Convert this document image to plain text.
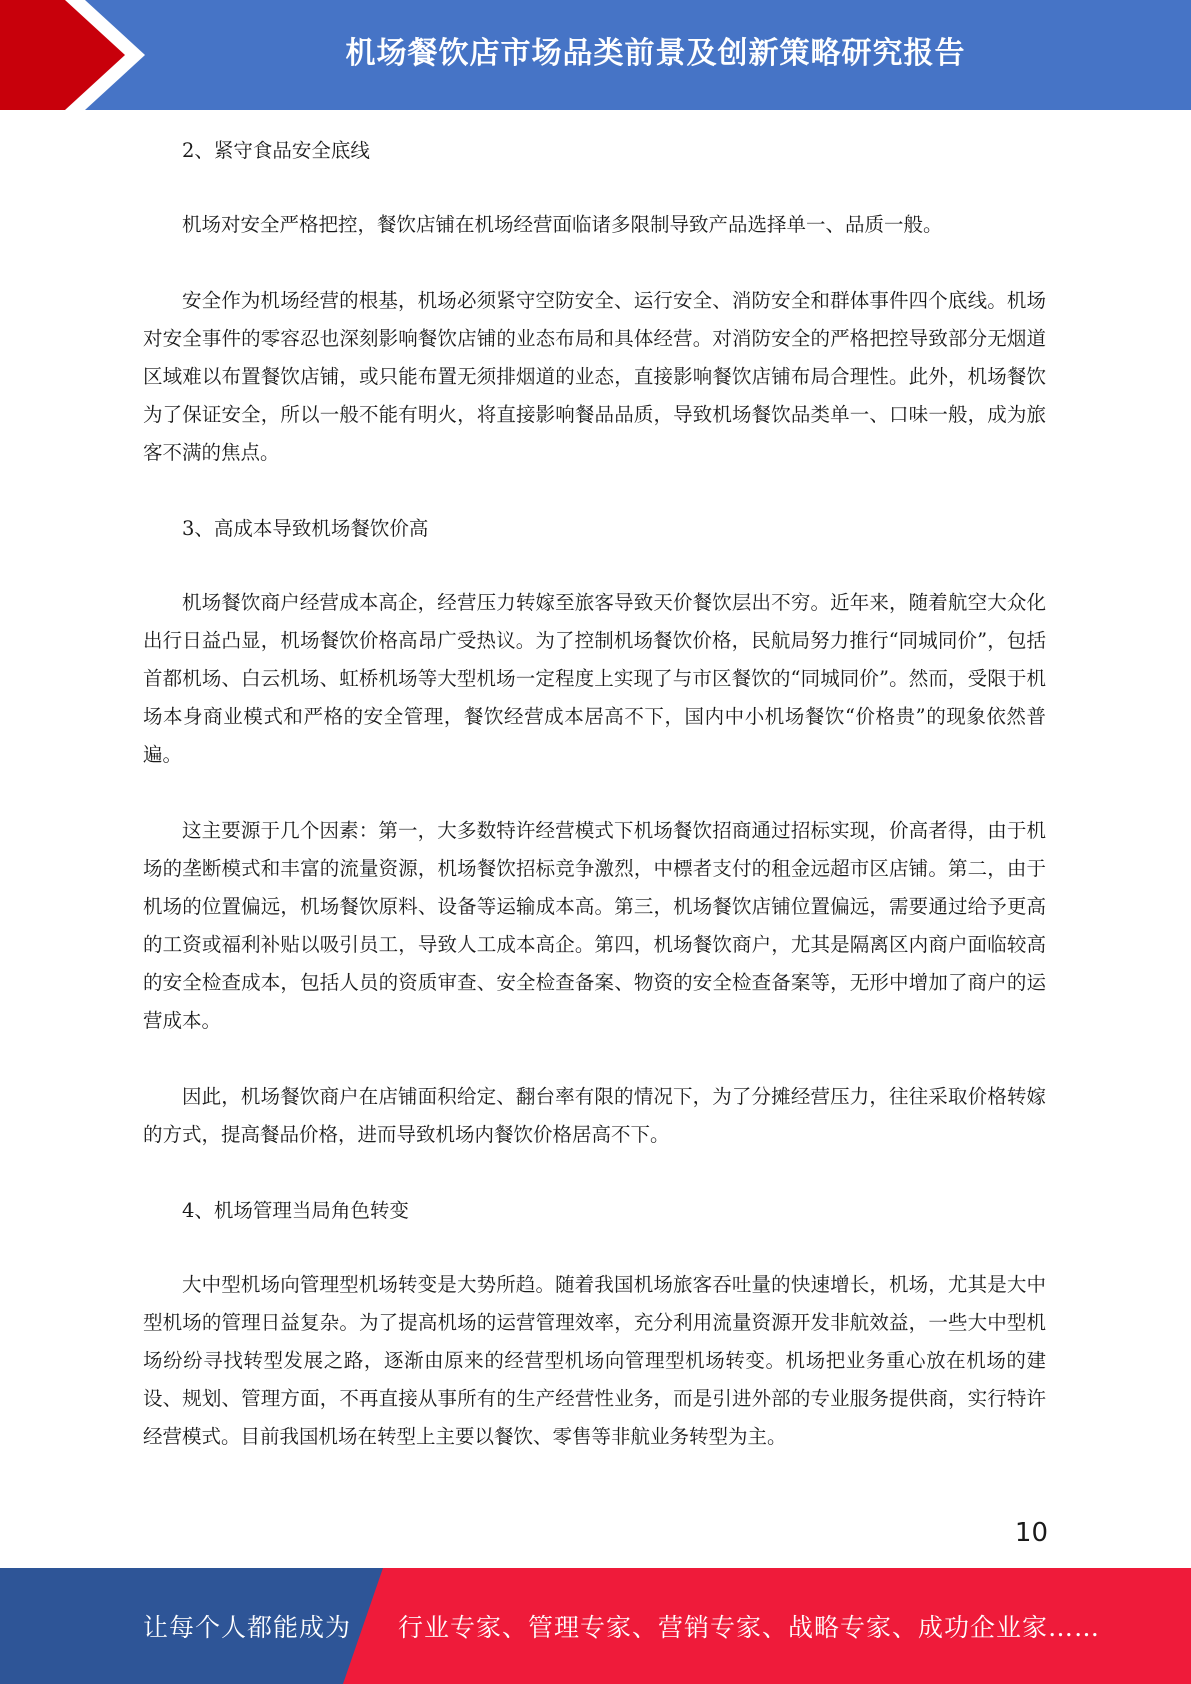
机场餐饮店市场品类前景及创新策略研究报告

2、紧守食品安全底线

机场对安全严格把控，餐饮店铺在机场经营面临诸多限制导致产品选择单一、品质一般。

安全作为机场经营的根基，机场必须紧守空防安全、运行安全、消防安全和群体事件四个底线。机场对安全事件的零容忍也深刻影响餐饮店铺的业态布局和具体经营。对消防安全的严格把控导致部分无烟道区域难以布置餐饮店铺，或只能布置无须排烟道的业态，直接影响餐饮店铺布局合理性。此外，机场餐饮为了保证安全，所以一般不能有明火，将直接影响餐品品质，导致机场餐饮品类单一、口味一般，成为旅客不满的焦点。

3、高成本导致机场餐饮价高

机场餐饮商户经营成本高企，经营压力转嫁至旅客导致天价餐饮层出不穷。近年来，随着航空大众化出行日益凸显，机场餐饮价格高昂广受热议。为了控制机场餐饮价格，民航局努力推行“同城同价”，包括首都机场、白云机场、虹桥机场等大型机场一定程度上实现了与市区餐饮的“同城同价”。然而，受限于机场本身商业模式和严格的安全管理，餐饮经营成本居高不下，国内中小机场餐饮“价格贵”的现象依然普遍。

这主要源于几个因素：第一，大多数特许经营模式下机场餐饮招商通过招标实现，价高者得，由于机场的垄断模式和丰富的流量资源，机场餐饮招标竞争激烈，中標者支付的租金远超市区店铺。第二，由于机场的位置偏远，机场餐饮原料、设备等运输成本高。第三，机场餐饮店铺位置偏远，需要通过给予更高的工资或福利补贴以吸引员工，导致人工成本高企。第四，机场餐饮商户，尤其是隔离区内商户面临较高的安全检查成本，包括人员的资质审查、安全检查备案、物资的安全检查备案等，无形中增加了商户的运营成本。

因此，机场餐饮商户在店铺面积给定、翻台率有限的情况下，为了分摊经营压力，往往采取价格转嫁的方式，提高餐品价格，进而导致机场内餐饮价格居高不下。

4、机场管理当局角色转变

大中型机场向管理型机场转变是大势所趋。随着我国机场旅客吞吐量的快速增长，机场，尤其是大中型机场的管理日益复杂。为了提高机场的运营管理效率，充分利用流量资源开发非航效益，一些大中型机场纷纷寻找转型发展之路，逐渐由原来的经营型机场向管理型机场转变。机场把业务重心放在机场的建设、规划、管理方面，不再直接从事所有的生产经营性业务，而是引进外部的专业服务提供商，实行特许经营模式。目前我国机场在转型上主要以餐饮、零售等非航业务转型为主。

10
让每个人都能成为 行业专家、管理专家、营销专家、战略专家、成功企业家……
